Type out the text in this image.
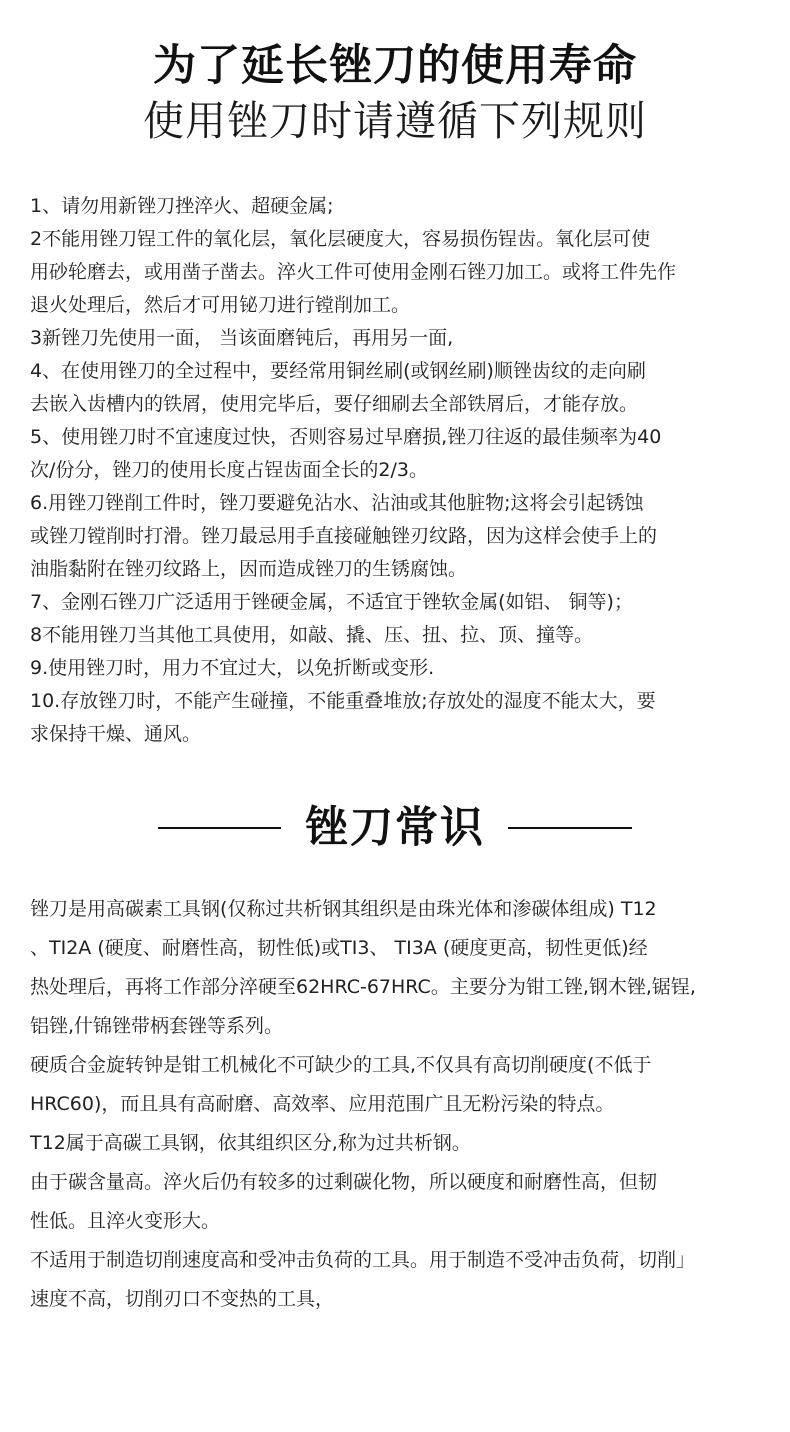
为了延长锉刀的使用寿命
使用锉刀时请遵循下列规则
1、请勿用新锉刀挫淬火、超硬金属;
2不能用锉刀锃工件的氧化层，氧化层硬度大，容易损伤锃齿。氧化层可使
用砂轮磨去，或用凿子凿去。淬火工件可使用金刚石锉刀加工。或将工件先作
退火处理后，然后才可用铋刀进行镗削加工。
3新锉刀先使用一面， 当该面磨钝后，再用另一面,
4、在使用锉刀的全过程中，要经常用铜丝刷(或钢丝刷)顺锉齿纹的走向刷
去嵌入齿槽内的铁屑，使用完毕后，要仔细刷去全部铁屑后，才能存放。
5、使用锉刀时不宜速度过快，否则容易过早磨损,锉刀往返的最佳频率为40
次/份分，锉刀的使用长度占锃齿面全长的2/3。
6.用锉刀锉削工件时，锉刀要避免沾水、沾油或其他脏物;这将会引起锈蚀
或锉刀镗削时打滑。锉刀最忌用手直接碰触锉刃纹路，因为这样会使手上的
油脂黏附在锉刃纹路上，因而造成锉刀的生锈腐蚀。
7、金刚石锉刀广泛适用于锉硬金属，不适宜于锉软金属(如铝、 铜等)；
8不能用锉刀当其他工具使用，如敲、撬、压、扭、拉、顶、撞等。
9.使用锉刀时，用力不宜过大，以免折断或变形.
10.存放锉刀时，不能产生碰撞，不能重叠堆放;存放处的湿度不能太大，要
求保持干燥、通风。
锉刀常识
锉刀是用高碳素工具钢(仅称过共析钢其组织是由珠光体和渗碳体组成) T12
、TI2A (硬度、耐磨性高，韧性低)或TI3、 TI3A (硬度更高，韧性更低)经
热处理后，再将工作部分淬硬至62HRC-67HRC。主要分为钳工锉,钢木锉,锯锃,
铝锉,什锦锉带柄套锉等系列。
硬质合金旋转钟是钳工机械化不可缺少的工具,不仅具有高切削硬度(不低于
HRC60)，而且具有高耐磨、高效率、应用范围广且无粉污染的特点。
T12属于高碳工具钢，依其组织区分,称为过共析钢。
由于碳含量高。淬火后仍有较多的过剩碳化物，所以硬度和耐磨性高，但韧
性低。且淬火变形大。
不适用于制造切削速度高和受冲击负荷的工具。用于制造不受冲击负荷，切削」
速度不高，切削刃口不变热的工具，
